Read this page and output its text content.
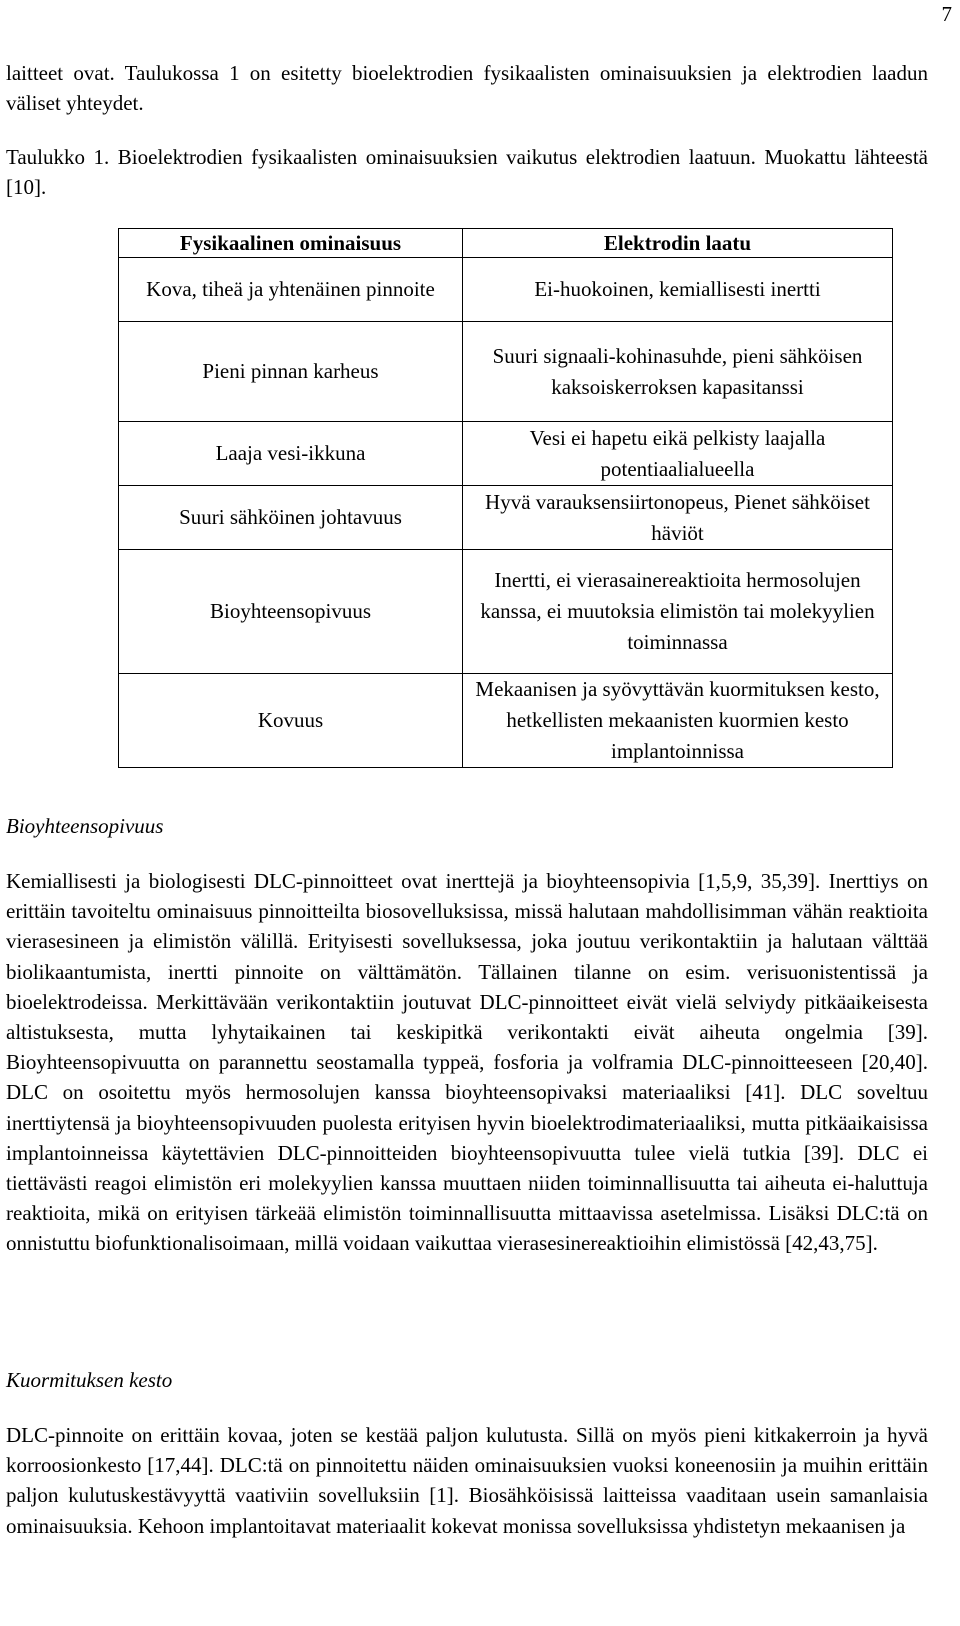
7

laitteet ovat. Taulukossa 1 on esitetty bioelektrodien fysikaalisten ominaisuuksien ja elektrodien laadun väliset yhteydet.

Taulukko 1. Bioelektrodien fysikaalisten ominaisuuksien vaikutus elektrodien laatuun. Muokattu lähteestä [10].

Fysikaalinen ominaisuus	Elektrodin laatu
Kova, tiheä ja yhtenäinen pinnoite	Ei-huokoinen, kemiallisesti inertti
Pieni pinnan karheus	Suuri signaali-kohinasuhde, pieni sähköisen kaksoiskerroksen kapasitanssi
Laaja vesi-ikkuna	Vesi ei hapetu eikä pelkisty laajalla potentiaalialueella
Suuri sähköinen johtavuus	Hyvä varauksensiirtonopeus, Pienet sähköiset häviöt
Bioyhteensopivuus	Inertti, ei vierasainereaktioita hermosolujen kanssa, ei muutoksia elimistön tai molekyylien toiminnassa
Kovuus	Mekaanisen ja syövyttävän kuormituksen kesto, hetkellisten mekaanisten kuormien kesto implantoinnissa

Bioyhteensopivuus

Kemiallisesti ja biologisesti DLC-pinnoitteet ovat inerttejä ja bioyhteensopivia [1,5,9, 35,39]. Inerttiys on erittäin tavoiteltu ominaisuus pinnoitteilta biosovelluksissa, missä halutaan mahdollisimman vähän reaktioita vierasesineen ja elimistön välillä. Erityisesti sovelluksessa, joka joutuu verikontaktiin ja halutaan välttää biolikaantumista, inertti pinnoite on välttämätön. Tällainen tilanne on esim. verisuonistentissä ja bioelektrodeissa. Merkittävään verikontaktiin joutuvat DLC-pinnoitteet eivät vielä selviydy pitkäaikeisesta altistuksesta, mutta lyhytaikainen tai keskipitkä verikontakti eivät aiheuta ongelmia [39]. Bioyhteensopivuutta on parannettu seostamalla typpeä, fosforia ja volframia DLC-pinnoitteeseen [20,40]. DLC on osoitettu myös hermosolujen kanssa bioyhteensopivaksi materiaaliksi [41]. DLC soveltuu inerttiytensä ja bioyhteensopivuuden puolesta erityisen hyvin bioelektrodimateriaaliksi, mutta pitkäaikaisissa implantoinneissa käytettävien DLC-pinnoitteiden bioyhteensopivuutta tulee vielä tutkia [39]. DLC ei tiettävästi reagoi elimistön eri molekyylien kanssa muuttaen niiden toiminnallisuutta tai aiheuta ei-haluttuja reaktioita, mikä on erityisen tärkeää elimistön toiminnallisuutta mittaavissa asetelmissa. Lisäksi DLC:tä on onnistuttu biofunktionalisoimaan, millä voidaan vaikuttaa vierasesinereaktioihin elimistössä [42,43,75].

Kuormituksen kesto

DLC-pinnoite on erittäin kovaa, joten se kestää paljon kulutusta. Sillä on myös pieni kitkakerroin ja hyvä korroosionkesto [17,44]. DLC:tä on pinnoitettu näiden ominaisuuksien vuoksi koneenosiin ja muihin erittäin paljon kulutuskestävyyttä vaativiin sovelluksiin [1]. Biosähköisissä laitteissa vaaditaan usein samanlaisia ominaisuuksia. Kehoon implantoitavat materiaalit kokevat monissa sovelluksissa yhdistetyn mekaanisen ja
